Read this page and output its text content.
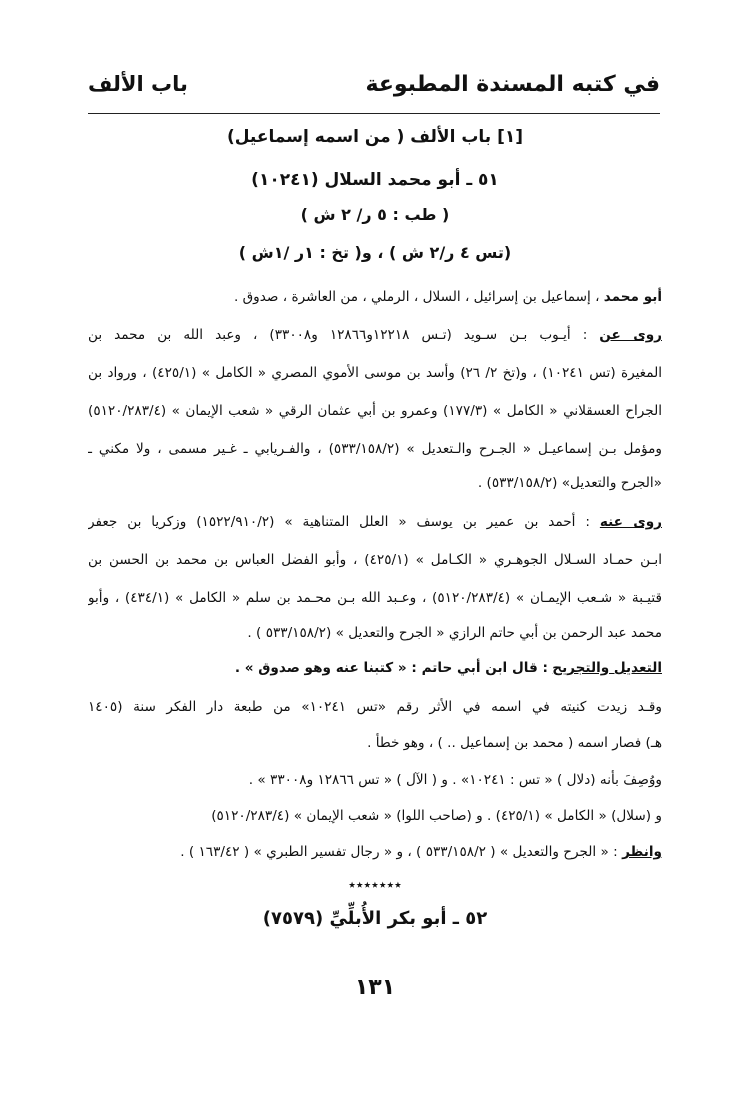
في كتبه المسندة المطبوعة
باب الألف
[١] باب الألف ( من اسمه إسماعيل)
٥١ ـ أبو محمد السلال (١٠٢٤١)
( طب : ٥ ر/ ٢ ش )
(تس ٤ ر/٢ ش ) ، و( تخ : ١ر /١ش )
أبو محمد ، إسماعيل بن إسرائيل ، السلال ، الرملي ، من العاشرة ، صدوق .
روى عن : أيـوب بـن سـويد (تـس ١٢٢١٨و١٢٨٦٦ و٣٣٠٠٨) ، وعبد الله بن محمد بن
المغيرة (تس ١٠٢٤١) ، و(تخ ٢/ ٢٦) وأسد بن موسى الأموي المصري « الكامل » (٤٢٥/١) ، ورواد بن
الجراح العسقلاني « الكامل » (١٧٧/٣) وعمرو بن أبي عثمان الرقي « شعب الإيمان » (٥١٢٠/٢٨٣/٤)
ومؤمل بـن إسماعيـل « الجـرح والـتعديل » (٥٣٣/١٥٨/٢) ، والفـريابي ـ غـير مسمى ، ولا مكني ـ
«الجرح والتعديل» (٥٣٣/١٥٨/٢) .
روى عنه : أحمد بن عمير بن يوسف « العلل المتناهية » (١٥٢٢/٩١٠/٢) وزكريا بن جعفر
ابـن حمـاد السـلال الجوهـري « الكـامل » (٤٢٥/١) ، وأبو الفضل العباس بن محمد بن الحسن بن
قتيـبة « شـعب الإيمـان » (٥١٢٠/٢٨٣/٤) ، وعـبد الله بـن محـمد بن سلم « الكامل » (٤٣٤/١) ، وأبو
محمد عبد الرحمن بن أبي حاتم الرازي « الجرح والتعديل » (٥٣٣/١٥٨/٢ ) .
التعديل والتجريح : قال ابن أبي حاتم : « كتبنا عنه وهو صدوق » .
وقـد زيدت كنيته في اسمه في الأثر رقم «تس ١٠٢٤١» من طبعة دار الفكر سنة (١٤٠٥
هـ) فصار اسمه ( محمد بن إسماعيل .. ) ، وهو خطأ .
ووُصِفَ بأنه (دلال ) « تس : ١٠٢٤١» . و ( الآل ) « تس ١٢٨٦٦ و٣٣٠٠٨ » .
و (سلال) « الكامل » (٤٢٥/١) . و (صاحب اللوا) « شعب الإيمان » (٥١٢٠/٢٨٣/٤)
وانظر : « الجرح والتعديل » ( ٥٣٣/١٥٨/٢ ) ، و « رجال تفسير الطبري » ( ١٦٣/٤٢ ) .
٭٭٭٭٭٭٭
٥٢ ـ أبو بكر الأُبلِّيِّ (٧٥٧٩)
١٣١
